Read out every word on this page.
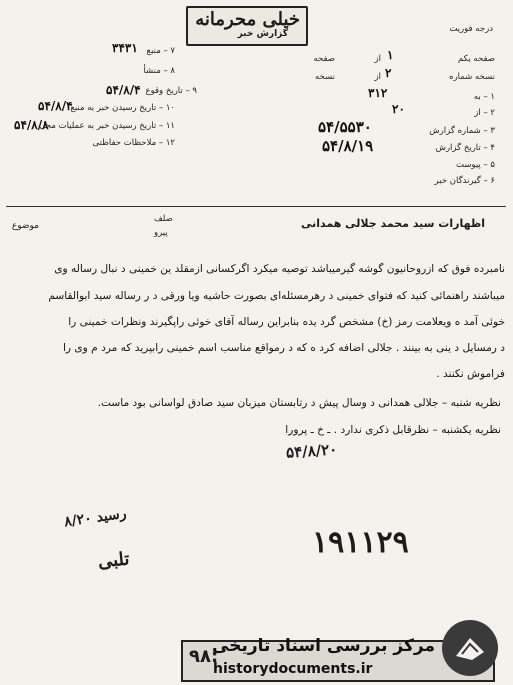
خیلی محرمانه
گزارش خبر	درجه فوریت
۷ – منبع
۳۴۳۱
۸ – منشأ
۹ – تاریخ وقوع
۵۴/۸/۴
۱۰ – تاریخ رسیدن خبر به منبع
۵۴/۸/۴
۱۱ – تاریخ رسیدن خبر به عملیات محل
۵۴/۸/۸
۱۲ – ملاحظات حفاظتی
صفحه یکم
۱
از
صفحه
نسخه شماره
۲
از
نسخه
۱ – به
۳۱۲
۲ – از
۲۰
۳ – شماره گزارش
۵۴/۵۵۳۰
۴ – تاریخ گزارش
۵۴/۸/۱۹
۵ – پیوست
۶ – گیرندگان خبر
موضوع	اظهارات سید محمد جلالی همدانی
صلف
پیرو
نامبرده فوق که ازروحانیون گوشه گیرمیباشد توصیه میکرد اگرکسانی ازمقلد ین خمینی د نبال رساله وی
میباشند راهنمائی کنید که فتوای خمینی د رهرمسئله‌ای بصورت حاشیه ویا ورقی د ر رساله سید ابوالقاسم
خوئی آمد ه ویعلامت رمز (خ) مشخص گرد یده بنابراین رساله آقای خوئی راپگیرند ونظرات خمینی را
د رمسایل د ینی به بینند . جلالی اضافه کرد ه که د رمواقع مناسب اسم خمینی رابپرید که مرد م وی را
فراموش نکنند .
نظریه شنبه – جلالی همدانی د وسال پیش د رتابستان میزبان سید صادق لواسانی بود ماست.
نظریه یکشنبه – نظرقابل ذکری ندارد . ـ خ ـ پرورا
۵۴/۸/۲۰
۱۹۱۱۲۹
رسید ۸/۲۰
تلبی
مرکز بررسی اسناد تاریخی
historydocuments.ir
۹۸:
